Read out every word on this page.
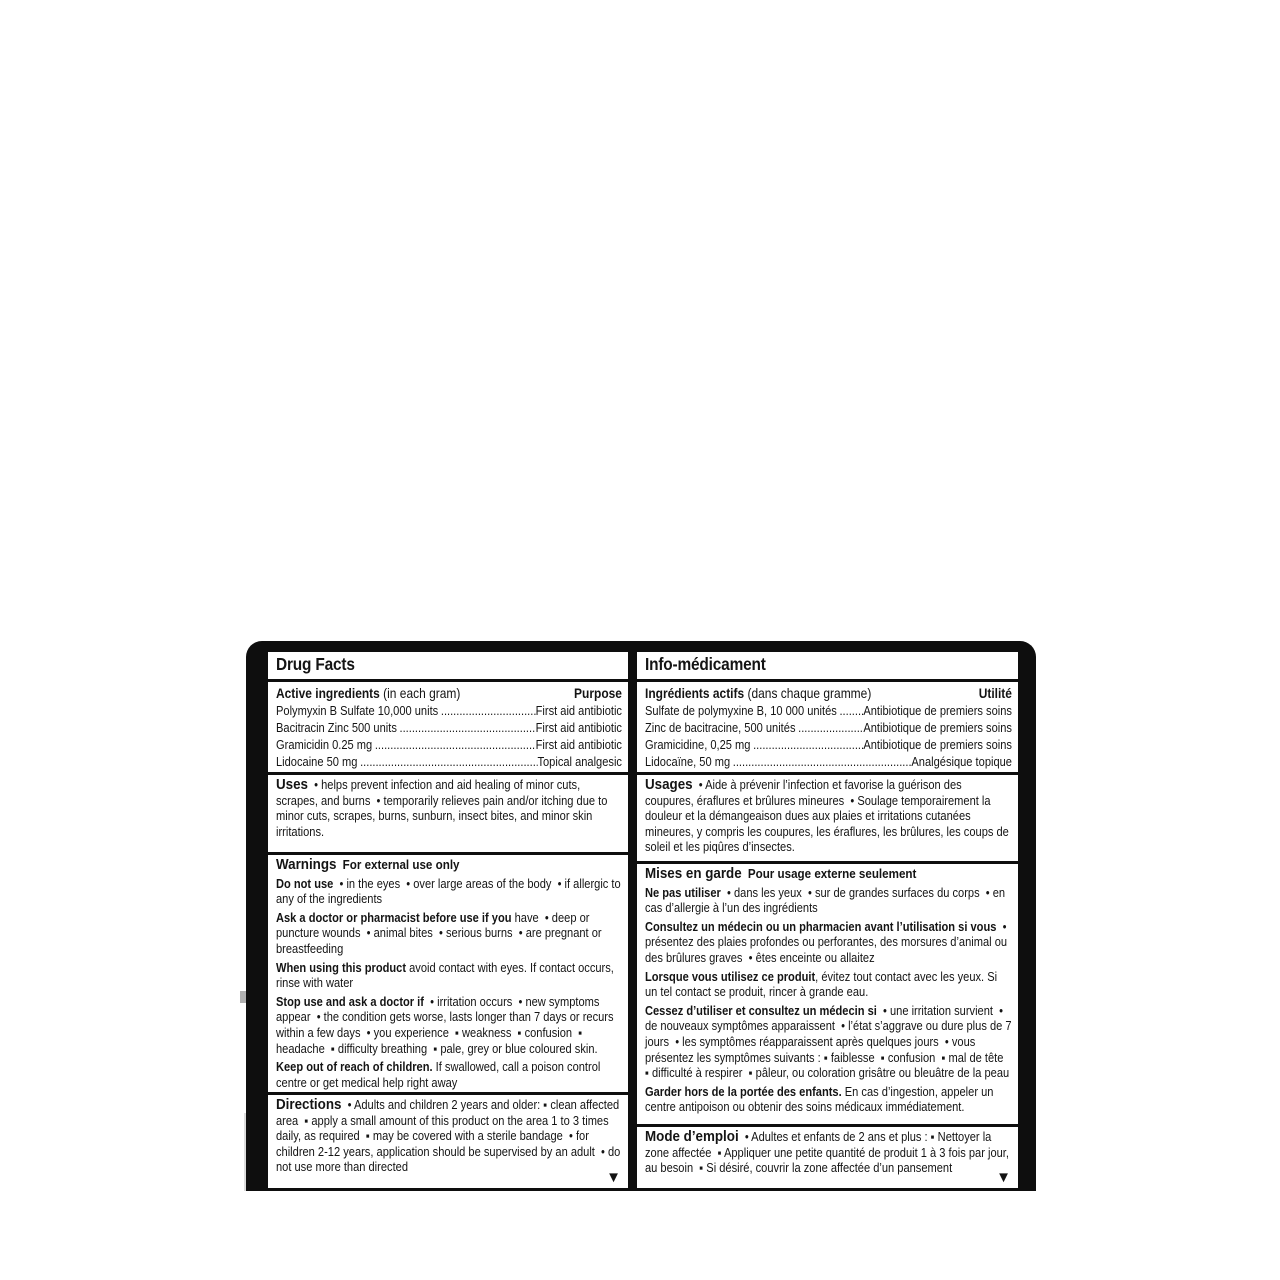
Drug Facts
Active ingredients (in each gram)	Purpose
Polymyxin B Sulfate 10,000 units .....	First aid antibiotic
Bacitracin Zinc 500 units .....	First aid antibiotic
Gramicidin 0.25 mg .....	First aid antibiotic
Lidocaine 50 mg .....	Topical analgesic

Uses  • helps prevent infection and aid healing of minor cuts, scrapes, and burns  • temporarily relieves pain and/or itching due to minor cuts, scrapes, burns, sunburn, insect bites, and minor skin irritations.

Warnings For external use only

Do not use  • in the eyes  • over large areas of the body  • if allergic to any of the ingredients

Ask a doctor or pharmacist before use if you have  • deep or puncture wounds  • animal bites  • serious burns  • are pregnant or breastfeeding

When using this product avoid contact with eyes. If contact occurs, rinse with water

Stop use and ask a doctor if  • irritation occurs  • new symptoms appear  • the condition gets worse, lasts longer than 7 days or recurs within a few days  • you experience  ▪ weakness  ▪ confusion  ▪ headache  ▪ difficulty breathing  ▪ pale, grey or blue coloured skin.

Keep out of reach of children. If swallowed, call a poison control centre or get medical help right away

Directions  • Adults and children 2 years and older: ▪ clean affected area  ▪ apply a small amount of this product on the area 1 to 3 times daily, as required  ▪ may be covered with a sterile bandage  • for children 2-12 years, application should be supervised by an adult  • do not use more than directed

▼
Info-médicament
Ingrédients actifs (dans chaque gramme)	Utilité
Sulfate de polymyxine B, 10 000 unités ..... Antibiotique de premiers soins
Zinc de bacitracine, 500 unités .....	Antibiotique de premiers soins
Gramicidine, 0,25 mg .....	Antibiotique de premiers soins
Lidocaïne, 50 mg .....	Analgésique topique

Usages  • Aide à prévenir l’infection et favorise la guérison des coupures, éraflures et brûlures mineures  • Soulage temporairement la douleur et la démangeaison dues aux plaies et irritations cutanées mineures, y compris les coupures, les éraflures, les brûlures, les coups de soleil et les piqûres d’insectes.

Mises en garde Pour usage externe seulement

Ne pas utiliser  • dans les yeux  • sur de grandes surfaces du corps  • en cas d’allergie à l’un des ingrédients

Consultez un médecin ou un pharmacien avant l’utilisation si vous  • présentez des plaies profondes ou perforantes, des morsures d’animal ou des brûlures graves  • êtes enceinte ou allaitez

Lorsque vous utilisez ce produit, évitez tout contact avec les yeux. Si un tel contact se produit, rincer à grande eau.

Cessez d’utiliser et consultez un médecin si  • une irritation survient  • de nouveaux symptômes apparaissent  • l’état s’aggrave ou dure plus de 7 jours  • les symptômes réapparaissent après quelques jours  • vous présentez les symptômes suivants : ▪ faiblesse  ▪ confusion  ▪ mal de tête  ▪ difficulté à respirer  ▪ pâleur, ou coloration grisâtre ou bleuâtre de la peau

Garder hors de la portée des enfants. En cas d’ingestion, appeler un centre antipoison ou obtenir des soins médicaux immédiatement.

Mode d’emploi  • Adultes et enfants de 2 ans et plus : ▪ Nettoyer la zone affectée  ▪ Appliquer une petite quantité de produit 1 à 3 fois par jour, au besoin  ▪ Si désiré, couvrir la zone affectée d’un pansement

▼
